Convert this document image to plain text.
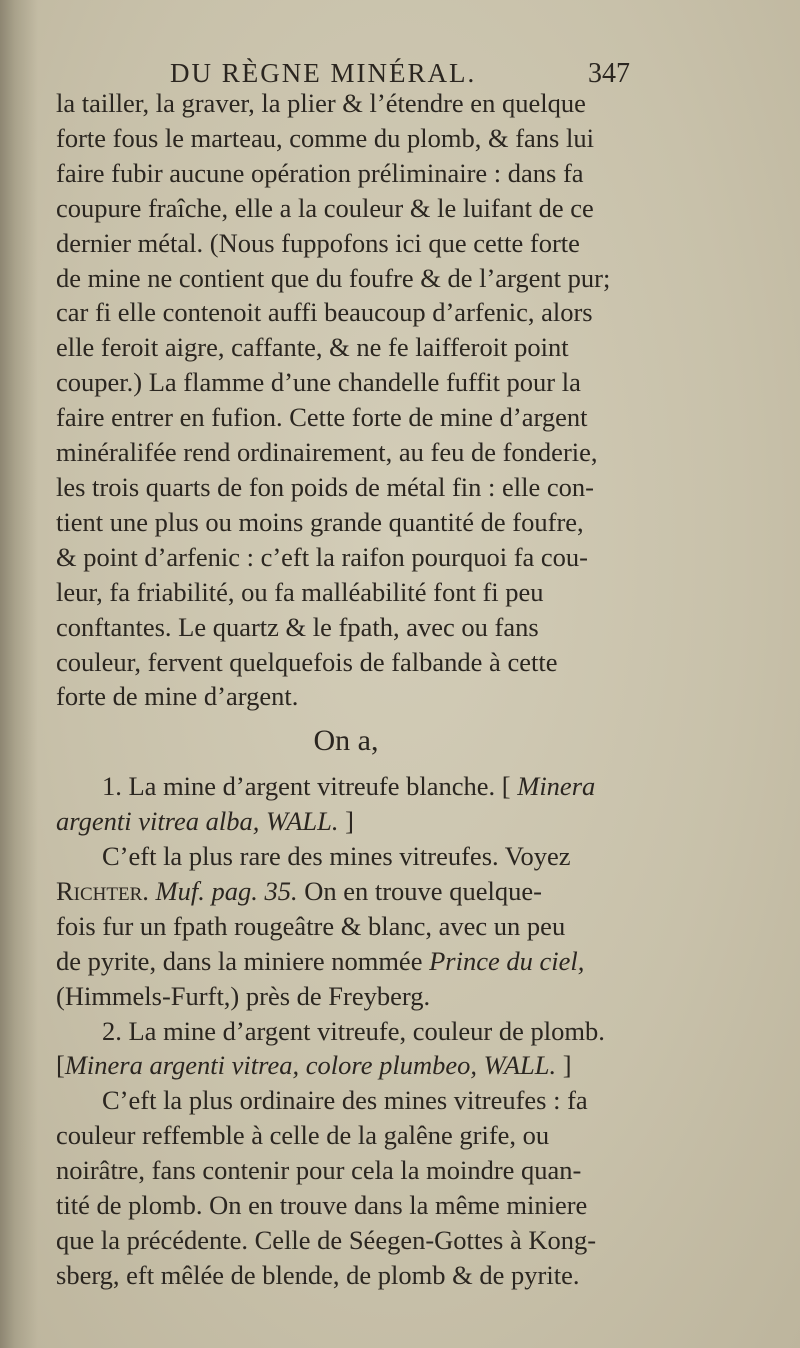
DU RÈGNE MINÉRAL.	347
la tailler, la graver, la plier & l’étendre en quelque
forte fous le marteau, comme du plomb, & fans lui
faire fubir aucune opération préliminaire : dans fa
coupure fraîche, elle a la couleur & le luifant de ce
dernier métal. (Nous fuppofons ici que cette forte
de mine ne contient que du foufre & de l’argent pur;
car fi elle contenoit auffi beaucoup d’arfenic, alors
elle feroit aigre, caffante, & ne fe laifferoit point
couper.) La flamme d’une chandelle fuffit pour la
faire entrer en fufion. Cette forte de mine d’argent
minéralifée rend ordinairement, au feu de fonderie,
les trois quarts de fon poids de métal fin : elle con-
tient une plus ou moins grande quantité de foufre,
& point d’arfenic : c’eft la raifon pourquoi fa cou-
leur, fa friabilité, ou fa malléabilité font fi peu
conftantes. Le quartz & le fpath, avec ou fans
couleur, fervent quelquefois de falbande à cette
forte de mine d’argent.
On a,
1. La mine d’argent vitreufe blanche. [ Minera
argenti vitrea alba, WALL. ]
C’eft la plus rare des mines vitreufes. Voyez
Richter. Muf. pag. 35. On en trouve quelque-
fois fur un fpath rougeâtre & blanc, avec un peu
de pyrite, dans la miniere nommée Prince du ciel,
(Himmels-Furft,) près de Freyberg.
2. La mine d’argent vitreufe, couleur de plomb.
[Minera argenti vitrea, colore plumbeo, WALL. ]
C’eft la plus ordinaire des mines vitreufes : fa
couleur reffemble à celle de la galêne grife, ou
noirâtre, fans contenir pour cela la moindre quan-
tité de plomb. On en trouve dans la même miniere
que la précédente. Celle de Séegen-Gottes à Kong-
sberg, eft mêlée de blende, de plomb & de pyrite.
